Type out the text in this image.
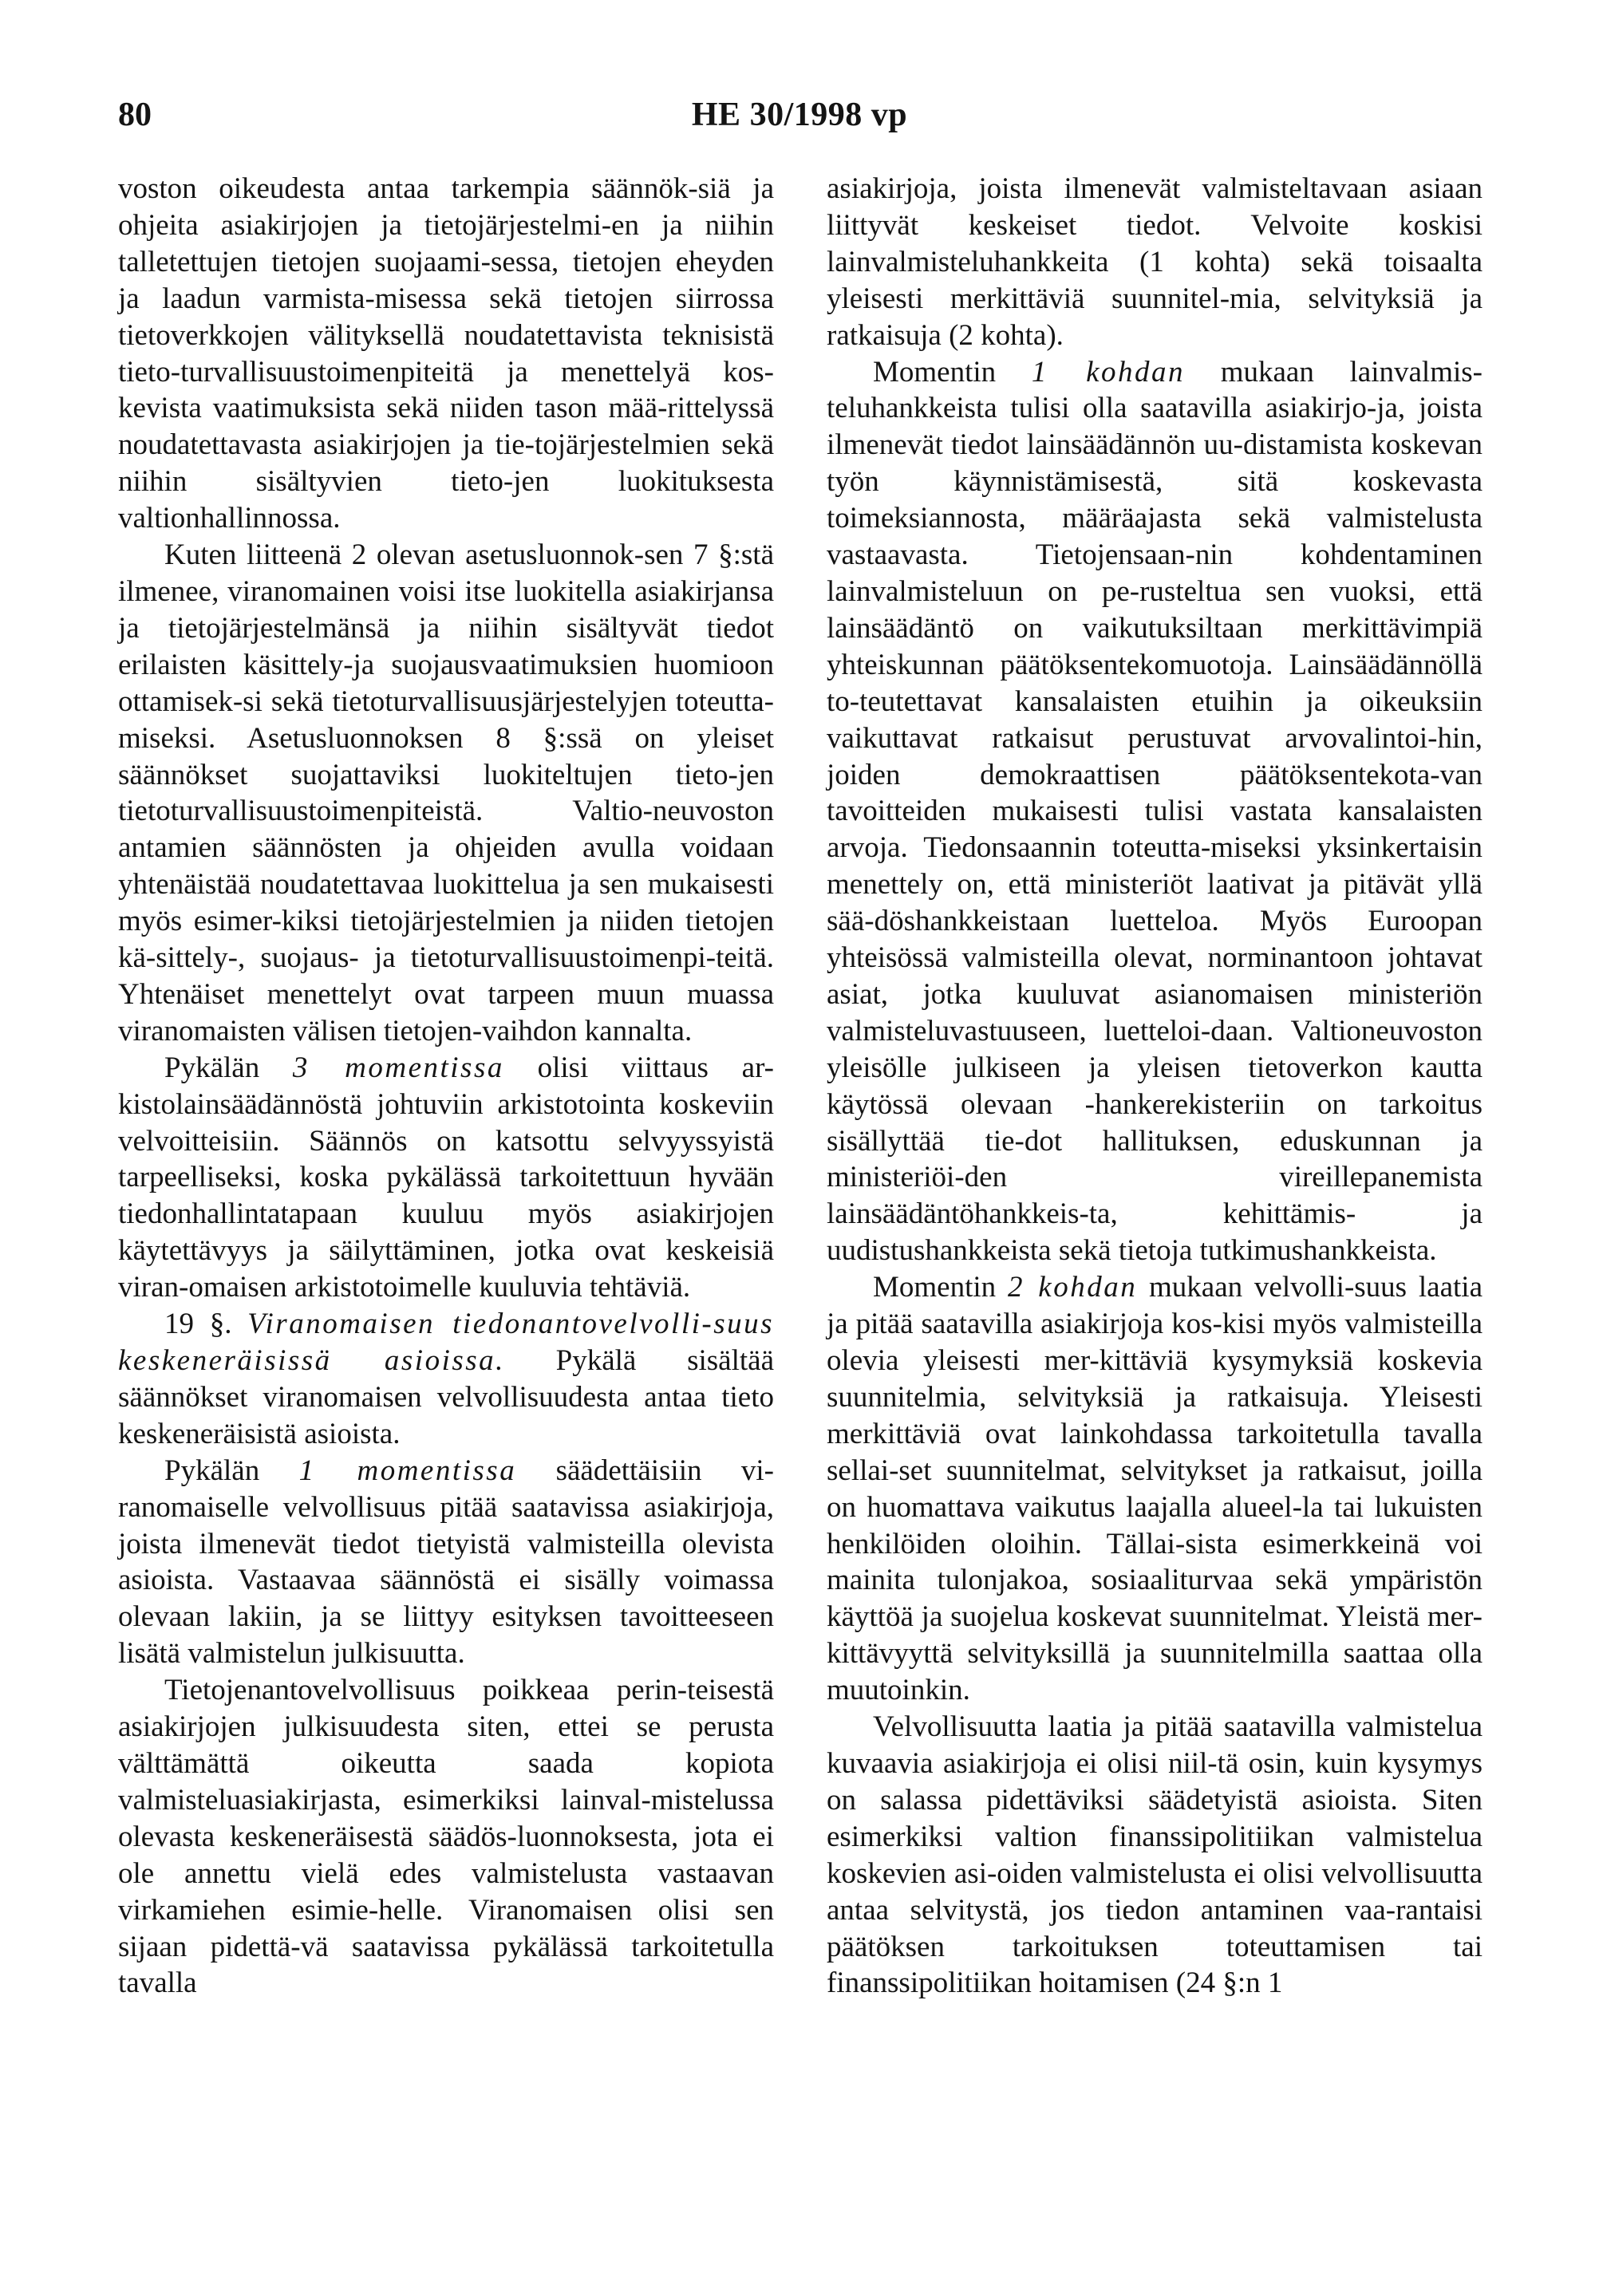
80	HE 30/1998 vp

voston oikeudesta antaa tarkempia säännök-siä ja ohjeita asiakirjojen ja tietojärjestelmi-en ja niihin talletettujen tietojen suojaami-sessa, tietojen eheyden ja laadun varmista-misessa sekä tietojen siirrossa tietoverkkojen välityksellä noudatettavista teknisistä tieto-turvallisuustoimenpiteitä ja menettelyä kos-kevista vaatimuksista sekä niiden tason mää-rittelyssä noudatettavasta asiakirjojen ja tie-tojärjestelmien sekä niihin sisältyvien tieto-jen luokituksesta valtionhallinnossa.

Kuten liitteenä 2 olevan asetusluonnok-sen 7 §:stä ilmenee, viranomainen voisi itse luokitella asiakirjansa ja tietojärjestelmänsä ja niihin sisältyvät tiedot erilaisten käsittely-ja suojausvaatimuksien huomioon ottamisek-si sekä tietoturvallisuusjärjestelyjen toteutta-miseksi. Asetusluonnoksen 8 §:ssä on yleiset säännökset suojattaviksi luokiteltujen tieto-jen tietoturvallisuustoimenpiteistä. Valtio-neuvoston antamien säännösten ja ohjeiden avulla voidaan yhtenäistää noudatettavaa luokittelua ja sen mukaisesti myös esimer-kiksi tietojärjestelmien ja niiden tietojen kä-sittely-, suojaus- ja tietoturvallisuustoimenpi-teitä. Yhtenäiset menettelyt ovat tarpeen muun muassa viranomaisten välisen tietojen-vaihdon kannalta.

Pykälän 3 momentissa olisi viittaus ar-kistolainsäädännöstä johtuviin arkistotointa koskeviin velvoitteisiin. Säännös on katsottu selvyyssyistä tarpeelliseksi, koska pykälässä tarkoitettuun hyvään tiedonhallintatapaan kuuluu myös asiakirjojen käytettävyys ja säilyttäminen, jotka ovat keskeisiä viran-omaisen arkistotoimelle kuuluvia tehtäviä.

19 §. Viranomaisen tiedonantovelvolli-suus keskeneräisissä asioissa. Pykälä sisältää säännökset viranomaisen velvollisuudesta antaa tieto keskeneräisistä asioista.

Pykälän 1 momentissa säädettäisiin vi-ranomaiselle velvollisuus pitää saatavissa asiakirjoja, joista ilmenevät tiedot tietyistä valmisteilla olevista asioista. Vastaavaa säännöstä ei sisälly voimassa olevaan lakiin, ja se liittyy esityksen tavoitteeseen lisätä valmistelun julkisuutta.

Tietojenantovelvollisuus poikkeaa perin-teisestä asiakirjojen julkisuudesta siten, ettei se perusta välttämättä oikeutta saada kopiota valmisteluasiakirjasta, esimerkiksi lainval-mistelussa olevasta keskeneräisestä säädös-luonnoksesta, jota ei ole annettu vielä edes valmistelusta vastaavan virkamiehen esimie-helle. Viranomaisen olisi sen sijaan pidettä-vä saatavissa pykälässä tarkoitetulla tavalla

asiakirjoja, joista ilmenevät valmisteltavaan asiaan liittyvät keskeiset tiedot. Velvoite koskisi lainvalmisteluhankkeita (1 kohta) sekä toisaalta yleisesti merkittäviä suunnitel-mia, selvityksiä ja ratkaisuja (2 kohta).

Momentin 1 kohdan mukaan lainvalmis-teluhankkeista tulisi olla saatavilla asiakirjo-ja, joista ilmenevät tiedot lainsäädännön uu-distamista koskevan työn käynnistämisestä, sitä koskevasta toimeksiannosta, määräajasta sekä valmistelusta vastaavasta. Tietojensaan-nin kohdentaminen lainvalmisteluun on pe-rusteltua sen vuoksi, että lainsäädäntö on vaikutuksiltaan merkittävimpiä yhteiskunnan päätöksentekomuotoja. Lainsäädännöllä to-teutettavat kansalaisten etuihin ja oikeuksiin vaikuttavat ratkaisut perustuvat arvovalintoi-hin, joiden demokraattisen päätöksentekota-van tavoitteiden mukaisesti tulisi vastata kansalaisten arvoja. Tiedonsaannin toteutta-miseksi yksinkertaisin menettely on, että ministeriöt laativat ja pitävät yllä sää-döshankkeistaan luetteloa. Myös Euroopan yhteisössä valmisteilla olevat, norminantoon johtavat asiat, jotka kuuluvat asianomaisen ministeriön valmisteluvastuuseen, luetteloi-daan. Valtioneuvoston yleisölle julkiseen ja yleisen tietoverkon kautta käytössä olevaan -hankerekisteriin on tarkoitus sisällyttää tie-dot hallituksen, eduskunnan ja ministeriöi-den vireillepanemista lainsäädäntöhankkeis-ta, kehittämis- ja uudistushankkeista sekä tietoja tutkimushankkeista.

Momentin 2 kohdan mukaan velvolli-suus laatia ja pitää saatavilla asiakirjoja kos-kisi myös valmisteilla olevia yleisesti mer-kittäviä kysymyksiä koskevia suunnitelmia, selvityksiä ja ratkaisuja. Yleisesti merkittäviä ovat lainkohdassa tarkoitetulla tavalla sellai-set suunnitelmat, selvitykset ja ratkaisut, joilla on huomattava vaikutus laajalla alueel-la tai lukuisten henkilöiden oloihin. Tällai-sista esimerkkeinä voi mainita tulonjakoa, sosiaaliturvaa sekä ympäristön käyttöä ja suojelua koskevat suunnitelmat. Yleistä mer-kittävyyttä selvityksillä ja suunnitelmilla saattaa olla muutoinkin.

Velvollisuutta laatia ja pitää saatavilla valmistelua kuvaavia asiakirjoja ei olisi niil-tä osin, kuin kysymys on salassa pidettäviksi säädetyistä asioista. Siten esimerkiksi valtion finanssipolitiikan valmistelua koskevien asi-oiden valmistelusta ei olisi velvollisuutta antaa selvitystä, jos tiedon antaminen vaa-rantaisi päätöksen tarkoituksen toteuttamisen tai finanssipolitiikan hoitamisen (24 §:n 1
